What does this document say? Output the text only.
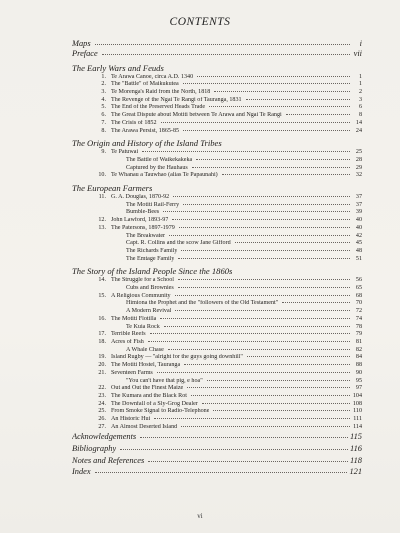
CONTENTS
Maps	i
Preface	vii
The Early Wars and Feuds
1. Te Arawa Canoe, circa A.D. 1340	1
2. The "Battle" of Maikukutea	1
3. Te Morenga's Raid from the North, 1818	2
4. The Revenge of the Ngai Te Rangi of Tauranga, 1831	3
5. The End of the Preserved Heads Trade	6
6. The Great Dispute about Motiti between Te Arawa and Ngai Te Rangi	8
7. The Crisis of 1852	14
8. The Arawa Persist, 1865-85	24
The Origin and History of the Island Tribes
9. Te Patuwai	25
The Battle of Waikekakeka	28
Captured by the Hauhaus	29
10. Te Whanau a Tauwhao (alias Te Papaunahi)	32
The European Farmers
11. G. A. Douglas, 1870-92	37
The Motiti Rail-Ferry	37
Bumble-Bees	39
12. John Lawford, 1893-97	40
13. The Patersons, 1897-1979	40
The Breakwater	42
Capt. R. Collins and the scow Jane Gifford	45
The Richards Family	48
The Emtage Family	51
The Story of the Island People Since the 1860s
14. The Struggle for a School	56
Cubs and Brownies	65
15. A Religious Community	68
Himiona the Prophet and the "followers of the Old Testament"	70
A Modern Revival	72
16. The Motiti Flotilla	74
Te Kuia Rock	78
17. Terrible Reefs	79
18. Acres of Fish	81
A Whale Chase	82
19. Island Rugby — "alright for the guys going downhill"	84
20. The Motiti Hostel, Tauranga	88
21. Seventeen Farms	90
"You can't have that pig, e hoa"	95
22. Out and Out the Finest Maize	97
23. The Kumara and the Black Rot	104
24. The Downfall of a Sly-Grog Dealer	108
25. From Smoke Signal to Radio-Telephone	110
26. An Historic Hui	111
27. An Almost Deserted Island	114
Acknowledgements	115
Bibliography	116
Notes and References	118
Index	121
vi
